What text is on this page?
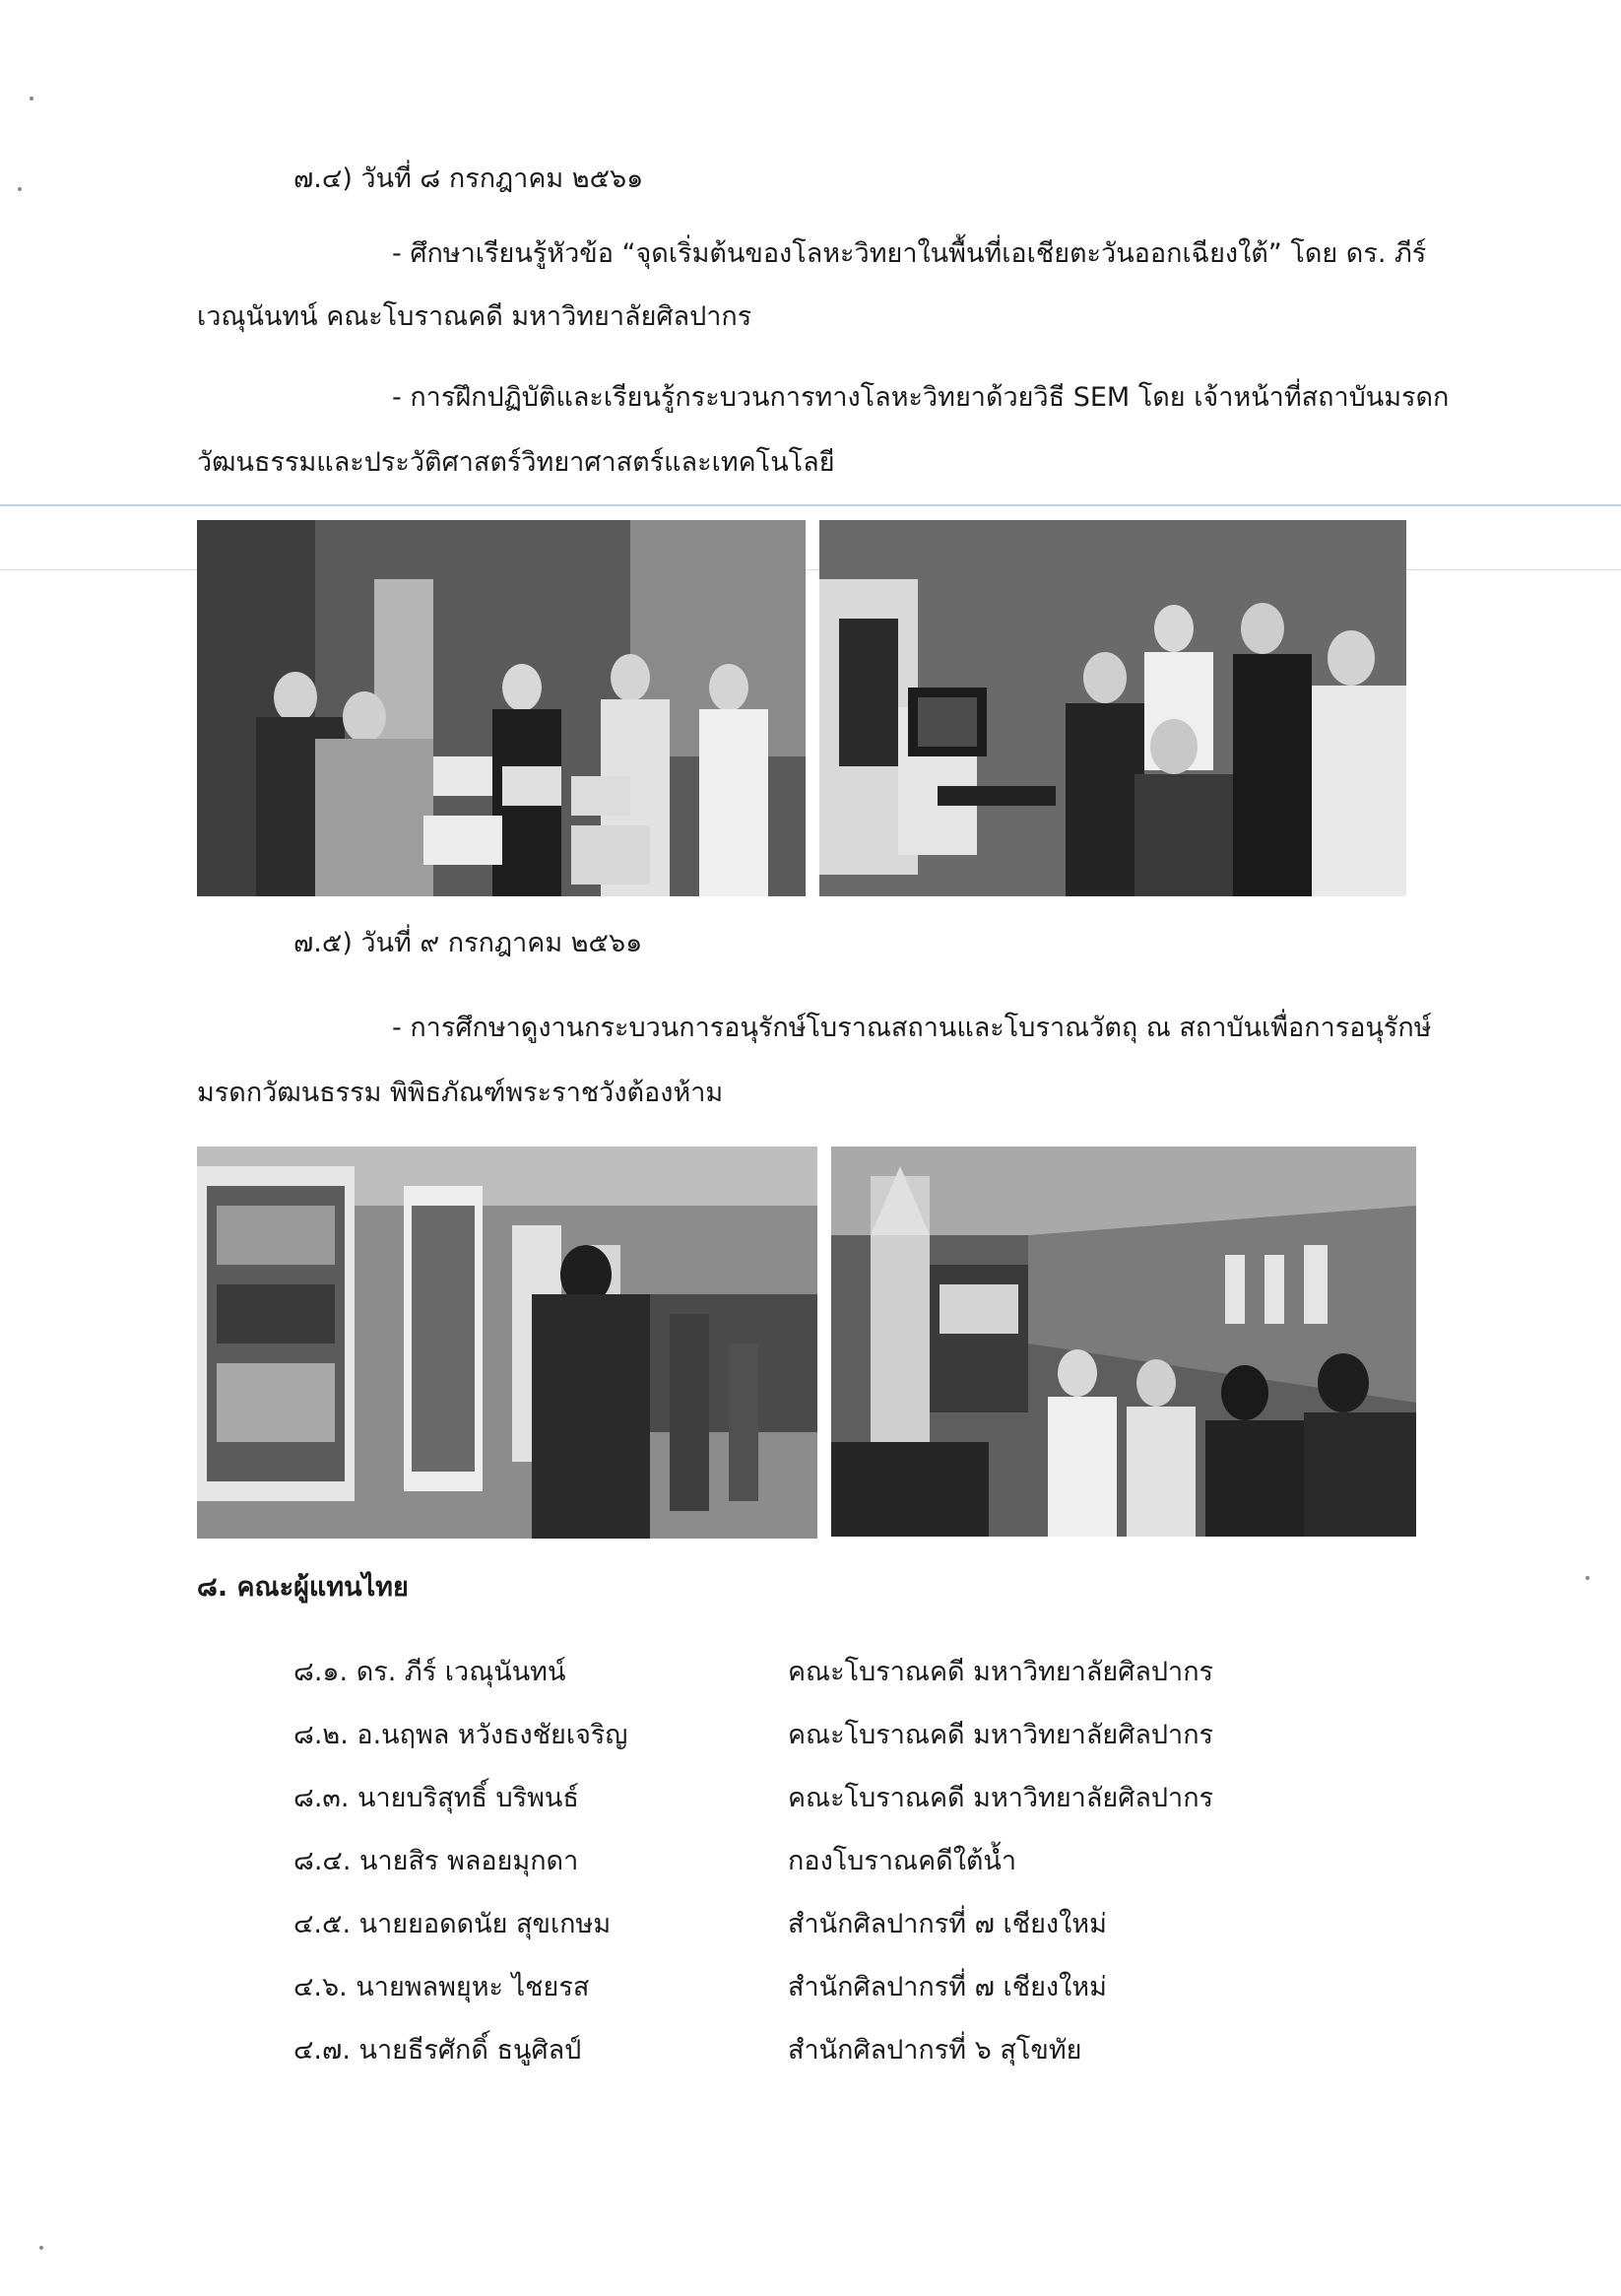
๗.๔) วันที่ ๘ กรกฎาคม ๒๕๖๑
- ศึกษาเรียนรู้หัวข้อ “จุดเริ่มต้นของโลหะวิทยาในพื้นที่เอเชียตะวันออกเฉียงใต้” โดย ดร. ภีร์
เวณุนันทน์ คณะโบราณคดี มหาวิทยาลัยศิลปากร
- การฝึกปฏิบัติและเรียนรู้กระบวนการทางโลหะวิทยาด้วยวิธี SEM โดย เจ้าหน้าที่สถาบันมรดก
วัฒนธรรมและประวัติศาสตร์วิทยาศาสตร์และเทคโนโลยี
๗.๕) วันที่ ๙ กรกฎาคม ๒๕๖๑
- การศึกษาดูงานกระบวนการอนุรักษ์โบราณสถานและโบราณวัตถุ ณ สถาบันเพื่อการอนุรักษ์
มรดกวัฒนธรรม พิพิธภัณฑ์พระราชวังต้องห้าม
๘. คณะผู้แทนไทย
๘.๑. ดร. ภีร์ เวณุนันทน์	คณะโบราณคดี มหาวิทยาลัยศิลปากร
๘.๒. อ.นฤพล หวังธงชัยเจริญ	คณะโบราณคดี มหาวิทยาลัยศิลปากร
๘.๓. นายบริสุทธิ์ บริพนธ์	คณะโบราณคดี มหาวิทยาลัยศิลปากร
๘.๔. นายสิร พลอยมุกดา	กองโบราณคดีใต้น้ำ
๔.๕. นายยอดดนัย สุขเกษม	สำนักศิลปากรที่ ๗ เชียงใหม่
๔.๖. นายพลพยุหะ ไชยรส	สำนักศิลปากรที่ ๗ เชียงใหม่
๔.๗. นายธีรศักดิ์ ธนูศิลป์	สำนักศิลปากรที่ ๖ สุโขทัย
